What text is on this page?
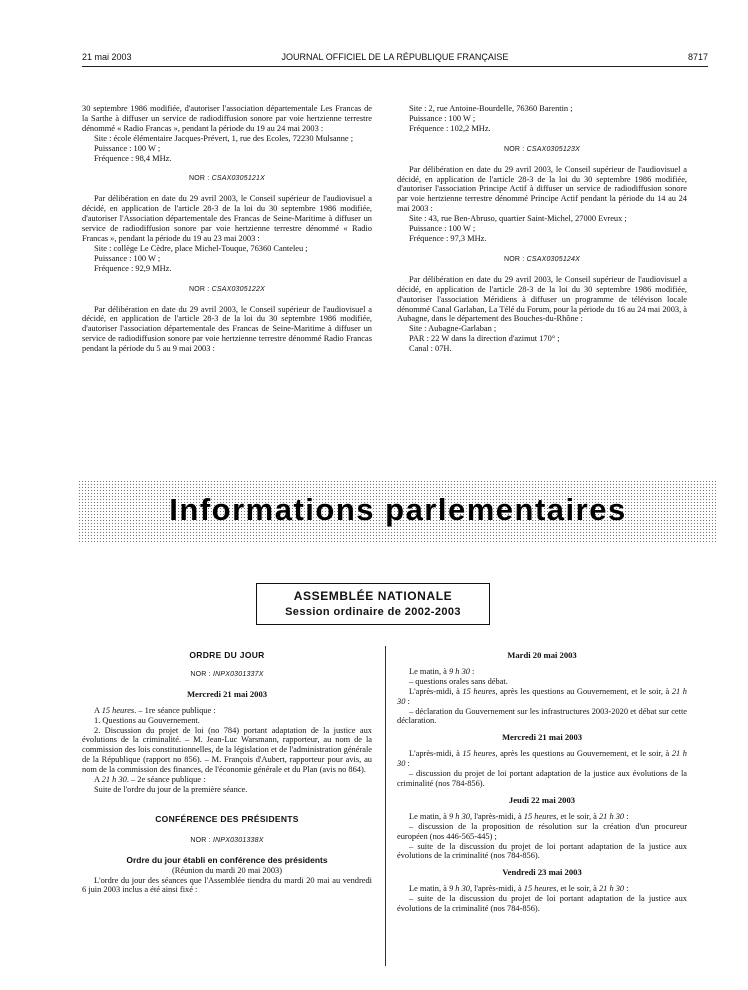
21 mai 2003	JOURNAL OFFICIEL DE LA RÉPUBLIQUE FRANÇAISE	8717

30 septembre 1986 modifiée, d'autoriser l'association départementale Les Francas de la Sarthe à diffuser un service de radiodiffusion sonore par voie hertzienne terrestre dénommé « Radio Francas », pendant la période du 19 au 24 mai 2003 :

Site : école élémentaire Jacques-Prévert, 1, rue des Ecoles, 72230 Mulsanne ;

Puissance : 100 W ;

Fréquence : 98,4 MHz.

NOR : CSAX0305121X

Par délibération en date du 29 avril 2003, le Conseil supérieur de l'audiovisuel a décidé, en application de l'article 28-3 de la loi du 30 septembre 1986 modifiée, d'autoriser l'Association départementale des Francas de Seine-Maritime à diffuser un service de radiodiffusion sonore par voie hertzienne terrestre dénommé « Radio Francas », pendant la période du 19 au 23 mai 2003 :

Site : collège Le Cèdre, place Michel-Touque, 76360 Canteleu ;

Puissance : 100 W ;

Fréquence : 92,9 MHz.

NOR : CSAX0305122X

Par délibération en date du 29 avril 2003, le Conseil supérieur de l'audiovisuel a décidé, en application de l'article 28-3 de la loi du 30 septembre 1986 modifiée, d'autoriser l'association départementale des Francas de Seine-Maritime à diffuser un service de radiodiffusion sonore par voie hertzienne terrestre dénommé Radio Francas pendant la période du 5 au 9 mai 2003 :

Site : 2, rue Antoine-Bourdelle, 76360 Barentin ;

Puissance : 100 W ;

Fréquence : 102,2 MHz.

NOR : CSAX0305123X

Par délibération en date du 29 avril 2003, le Conseil supérieur de l'audiovisuel a décidé, en application de l'article 28-3 de la loi du 30 septembre 1986 modifiée, d'autoriser l'association Principe Actif à diffuser un service de radiodiffusion sonore par voie hertzienne terrestre dénommé Principe Actif pendant la période du 14 au 24 mai 2003 :

Site : 43, rue Ben-Abruso, quartier Saint-Michel, 27000 Evreux ;

Puissance : 100 W ;

Fréquence : 97,3 MHz.

NOR : CSAX0305124X

Par délibération en date du 29 avril 2003, le Conseil supérieur de l'audiovisuel a décidé, en application de l'article 28-3 de la loi du 30 septembre 1986 modifiée, d'autoriser l'association Méridiens à diffuser un programme de télévison locale dénommé Canal Garlaban, La Télé du Forum, pour la période du 16 au 24 mai 2003, à Aubagne, dans le département des Bouches-du-Rhône :

Site : Aubagne-Garlaban ;

PAR : 22 W dans la direction d'azimut 170° ;

Canal : 07H.

Informations parlementaires
ASSEMBLÉE NATIONALE
Session ordinaire de 2002-2003

ORDRE DU JOUR

NOR : INPX0301337X

Mercredi 21 mai 2003

A 15 heures. – 1re séance publique :

1. Questions au Gouvernement.

2. Discussion du projet de loi (no 784) portant adaptation de la justice aux évolutions de la criminalité. – M. Jean-Luc Warsmann, rapporteur, au nom de la commission des lois constitutionnelles, de la législation et de l'administration générale de la République (rapport no 856). – M. François d'Aubert, rapporteur pour avis, au nom de la commission des finances, de l'économie générale et du Plan (avis no 864).

A 21 h 30. – 2e séance publique :

Suite de l'ordre du jour de la première séance.

CONFÉRENCE DES PRÉSIDENTS

NOR : INPX0301338X

Ordre du jour établi en conférence des présidents

(Réunion du mardi 20 mai 2003)

L'ordre du jour des séances que l'Assemblée tiendra du mardi 20 mai au vendredi 6 juin 2003 inclus a été ainsi fixé :

Mardi 20 mai 2003

Le matin, à 9 h 30 :

– questions orales sans débat.

L'après-midi, à 15 heures, après les questions au Gouvernement, et le soir, à 21 h 30 :

– déclaration du Gouvernement sur les infrastructures 2003-2020 et débat sur cette déclaration.

Mercredi 21 mai 2003

L'après-midi, à 15 heures, après les questions au Gouvernement, et le soir, à 21 h 30 :

– discussion du projet de loi portant adaptation de la justice aux évolutions de la criminalité (nos 784-856).

Jeudi 22 mai 2003

Le matin, à 9 h 30, l'après-midi, à 15 heures, et le soir, à 21 h 30 :

– discussion de la proposition de résolution sur la création d'un procureur européen (nos 446-565-445) ;

– suite de la discussion du projet de loi portant adaptation de la justice aux évolutions de la criminalité (nos 784-856).

Vendredi 23 mai 2003

Le matin, à 9 h 30, l'après-midi, à 15 heures, et le soir, à 21 h 30 :

– suite de la discussion du projet de loi portant adaptation de la justice aux évolutions de la criminalité (nos 784-856).
